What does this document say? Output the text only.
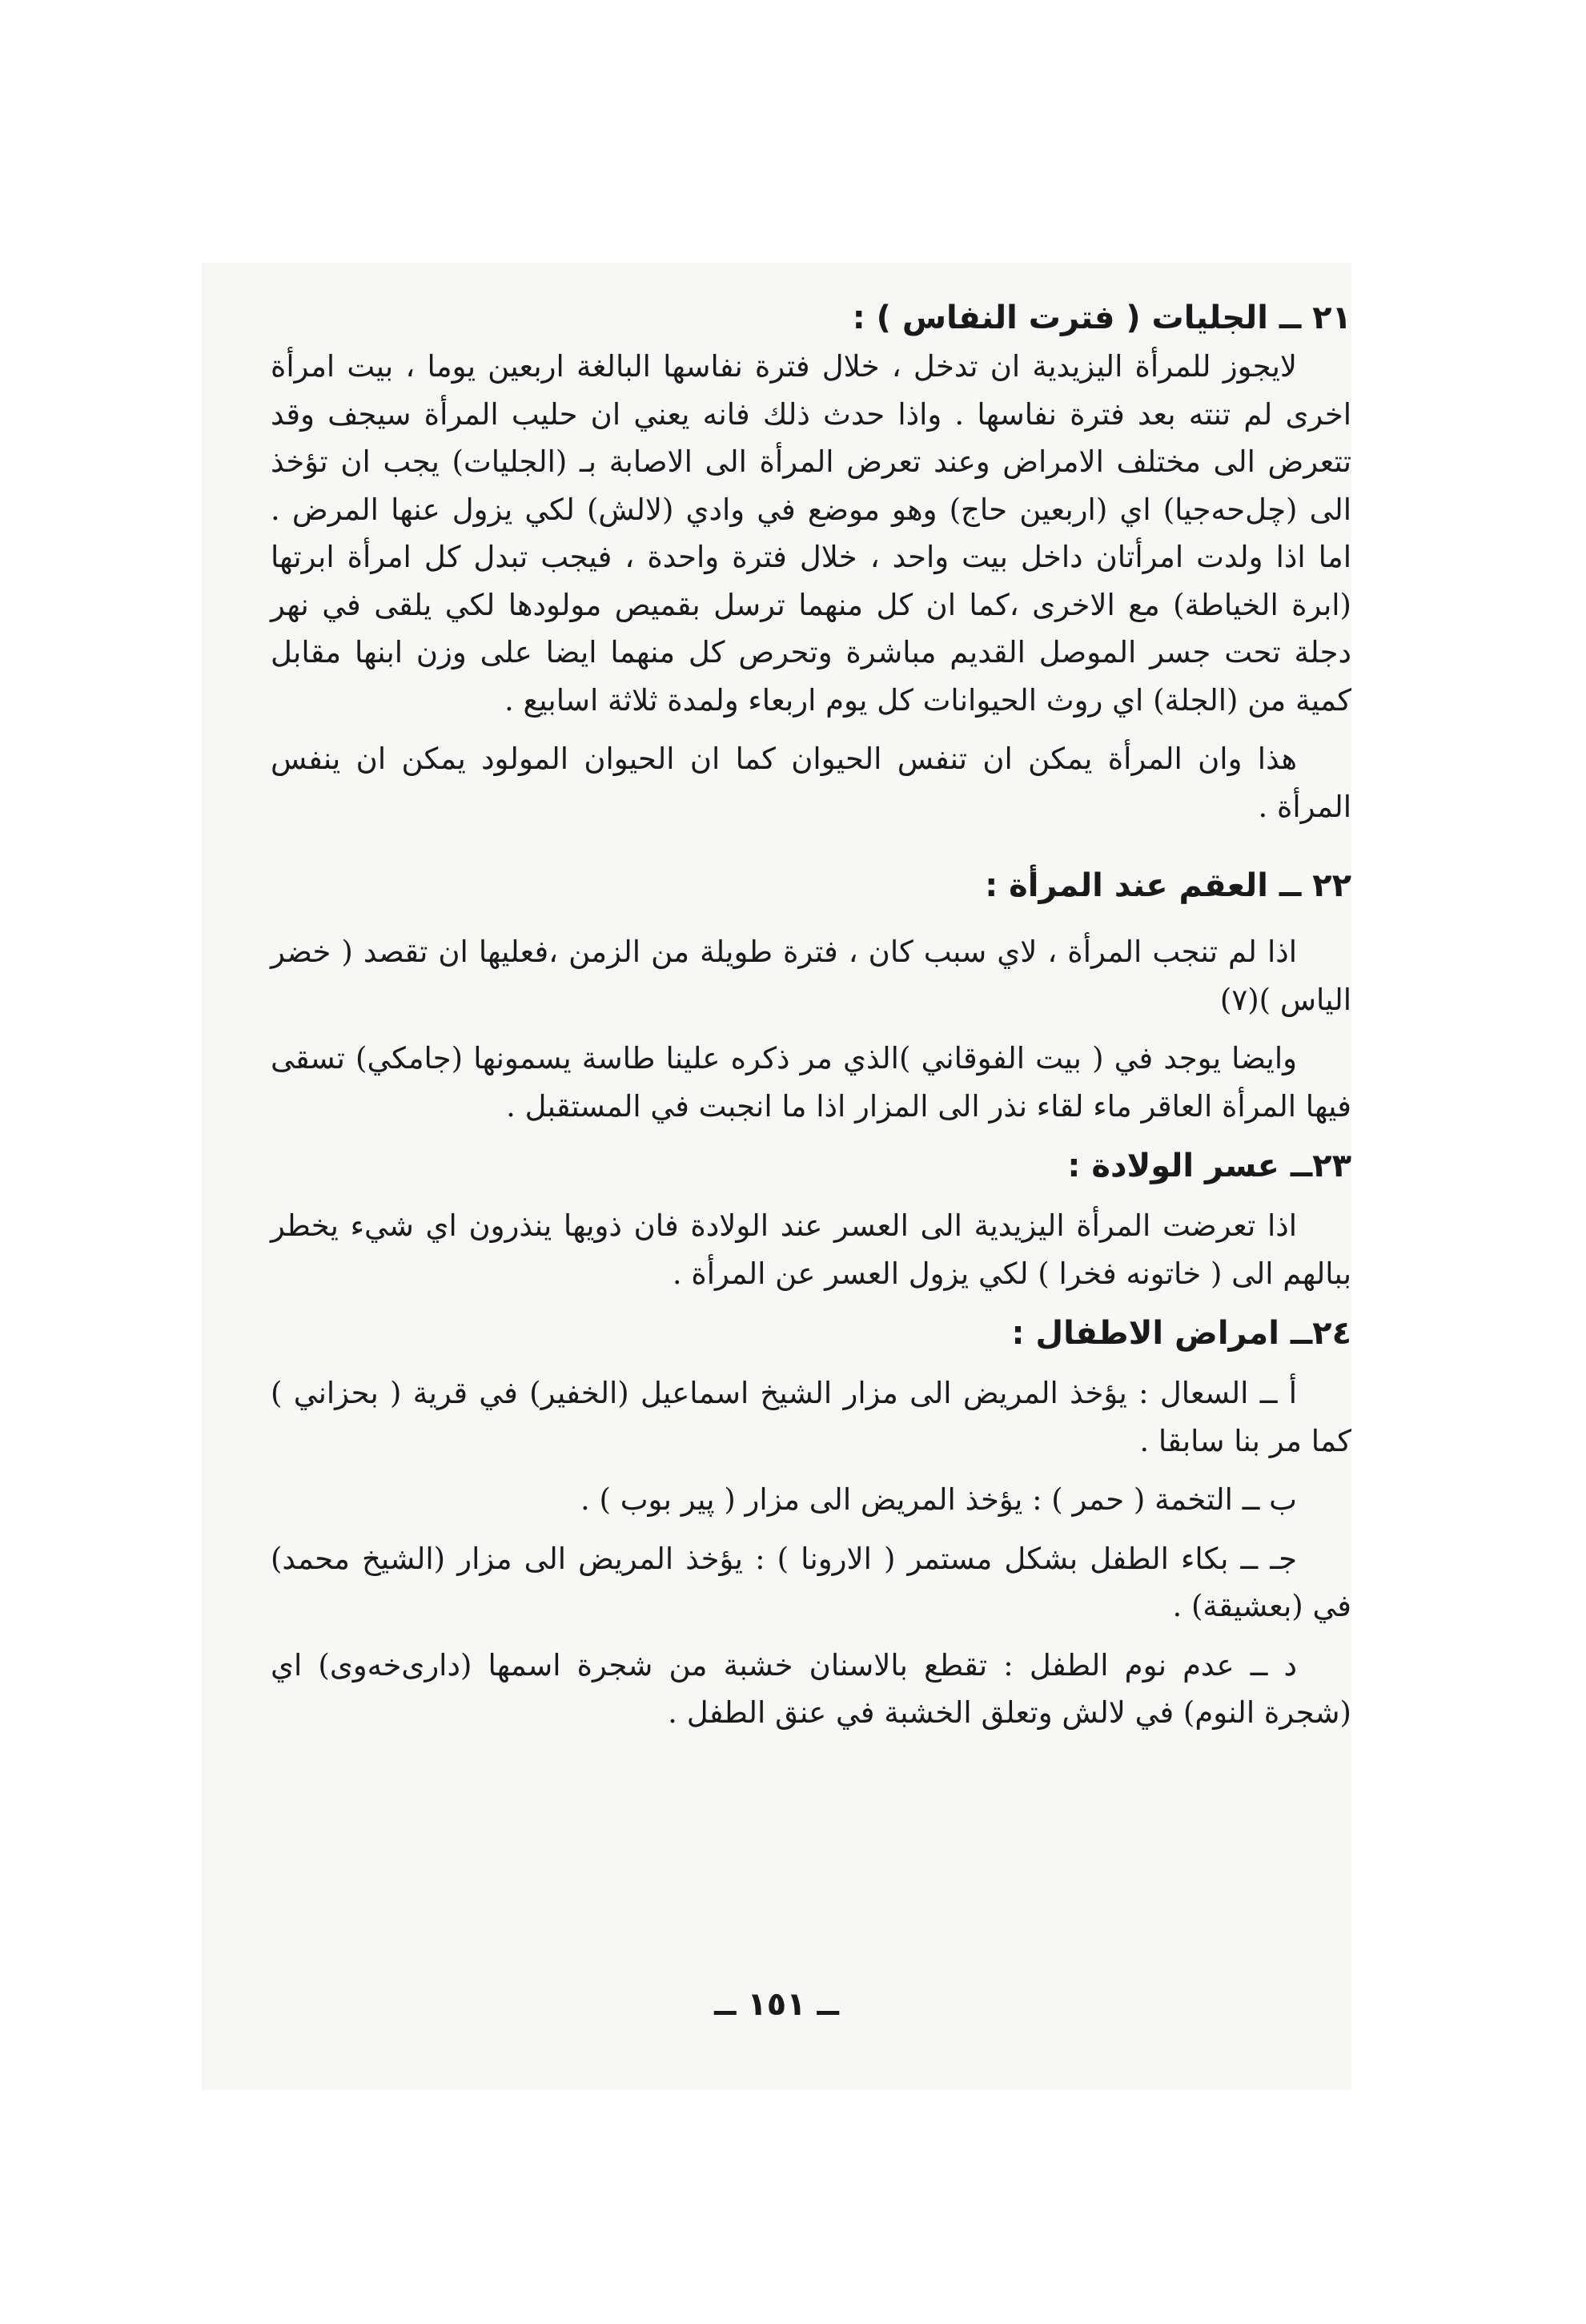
٢١ ــ الجليات ( فترت النفاس ) :

لايجوز للمرأة اليزيدية ان تدخل ، خلال فترة نفاسها البالغة اربعين يوما ، بيت امرأة اخرى لم تنته بعد فترة نفاسها . واذا حدث ذلك فانه يعني ان حليب المرأة سيجف وقد تتعرض الى مختلف الامراض وعند تعرض المرأة الى الاصابة بـ (الجليات) يجب ان تؤخذ الى (چل‌حه‌جيا) اي (اربعين حاج) وهو موضع في وادي (لالش) لكي يزول عنها المرض . اما اذا ولدت امرأتان داخل بيت واحد ، خلال فترة واحدة ، فيجب تبدل كل امرأة ابرتها (ابرة الخياطة) مع الاخرى ،كما ان كل منهما ترسل بقميص مولودها لكي يلقى في نهر دجلة تحت جسر الموصل القديم مباشرة وتحرص كل منهما ايضا على وزن ابنها مقابل كمية من (الجلة) اي روث الحيوانات كل يوم اربعاء ولمدة ثلاثة اسابيع .

هذا وان المرأة يمكن ان تنفس الحيوان كما ان الحيوان المولود يمكن ان ينفس المرأة .

٢٢ ــ العقم عند المرأة :

اذا لم تنجب المرأة ، لاي سبب كان ، فترة طويلة من الزمن ،فعليها ان تقصد ( خضر الياس )(٧)

وايضا يوجد في ( بيت الفوقاني )الذي مر ذكره علينا طاسة يسمونها (جامكي) تسقى فيها المرأة العاقر ماء لقاء نذر الى المزار اذا ما انجبت في المستقبل .

٢٣ــ عسر الولادة :

اذا تعرضت المرأة اليزيدية الى العسر عند الولادة فان ذويها ينذرون اي شيء يخطر ببالهم الى ( خاتونه فخرا ) لكي يزول العسر عن المرأة .

٢٤ــ امراض الاطفال :

أ ــ السعال : يؤخذ المريض الى مزار الشيخ اسماعيل (الخفير) في قرية ( بحزاني ) كما مر بنا سابقا .

ب ــ التخمة ( حمر ) : يؤخذ المريض الى مزار ( پير بوب ) .

جـ ــ بكاء الطفل بشكل مستمر ( الارونا ) : يؤخذ المريض الى مزار (الشيخ محمد) في (بعشيقة) .

د ــ عدم نوم الطفل : تقطع بالاسنان خشبة من شجرة اسمها (دارى‌خه‌وى) اي (شجرة النوم) في لالش وتعلق الخشبة في عنق الطفل .

ــ ١٥١ ــ
